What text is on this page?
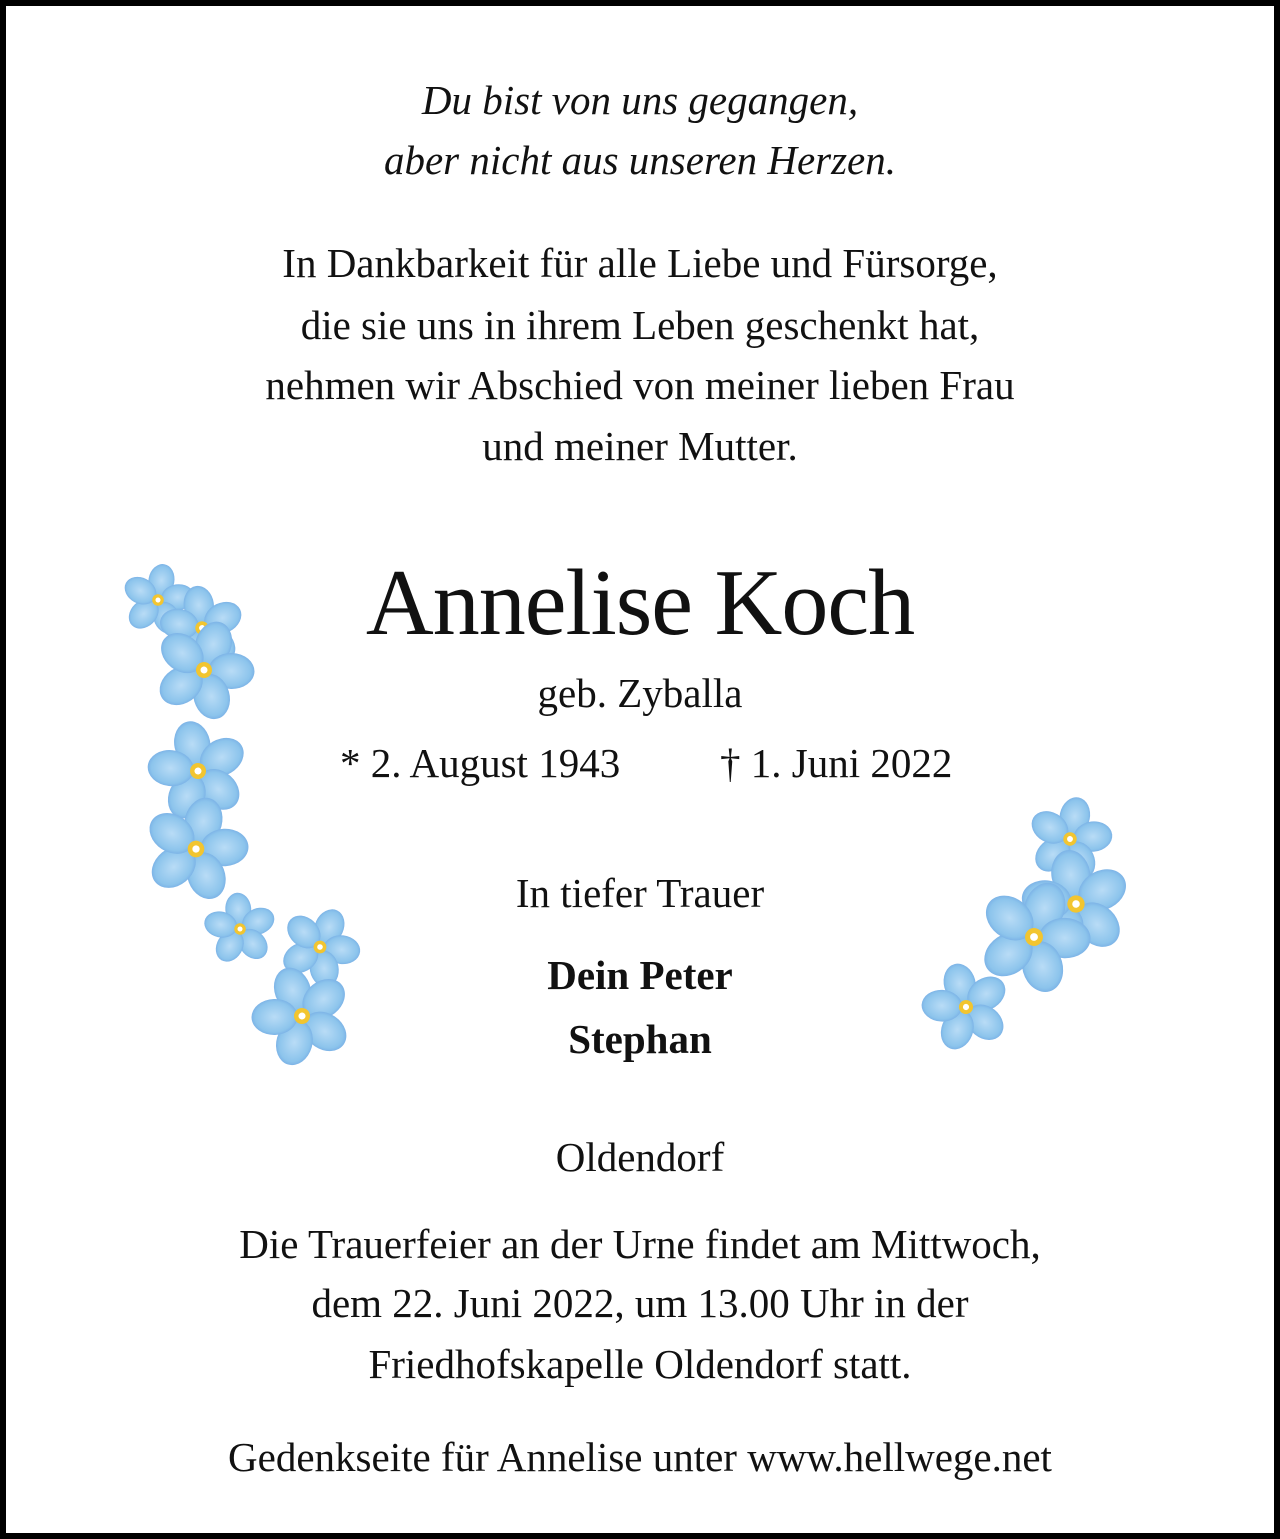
Du bist von uns gegangen,
aber nicht aus unseren Herzen.
In Dankbarkeit für alle Liebe und Fürsorge,
die sie uns in ihrem Leben geschenkt hat,
nehmen wir Abschied von meiner lieben Frau
und meiner Mutter.
Annelise Koch
geb. Zyballa
* 2. August 1943 † 1. Juni 2022
In tiefer Trauer
Dein Peter
Stephan
Oldendorf
Die Trauerfeier an der Urne findet am Mittwoch,
dem 22. Juni 2022, um 13.00 Uhr in der
Friedhofskapelle Oldendorf statt.
Gedenkseite für Annelise unter www.hellwege.net
